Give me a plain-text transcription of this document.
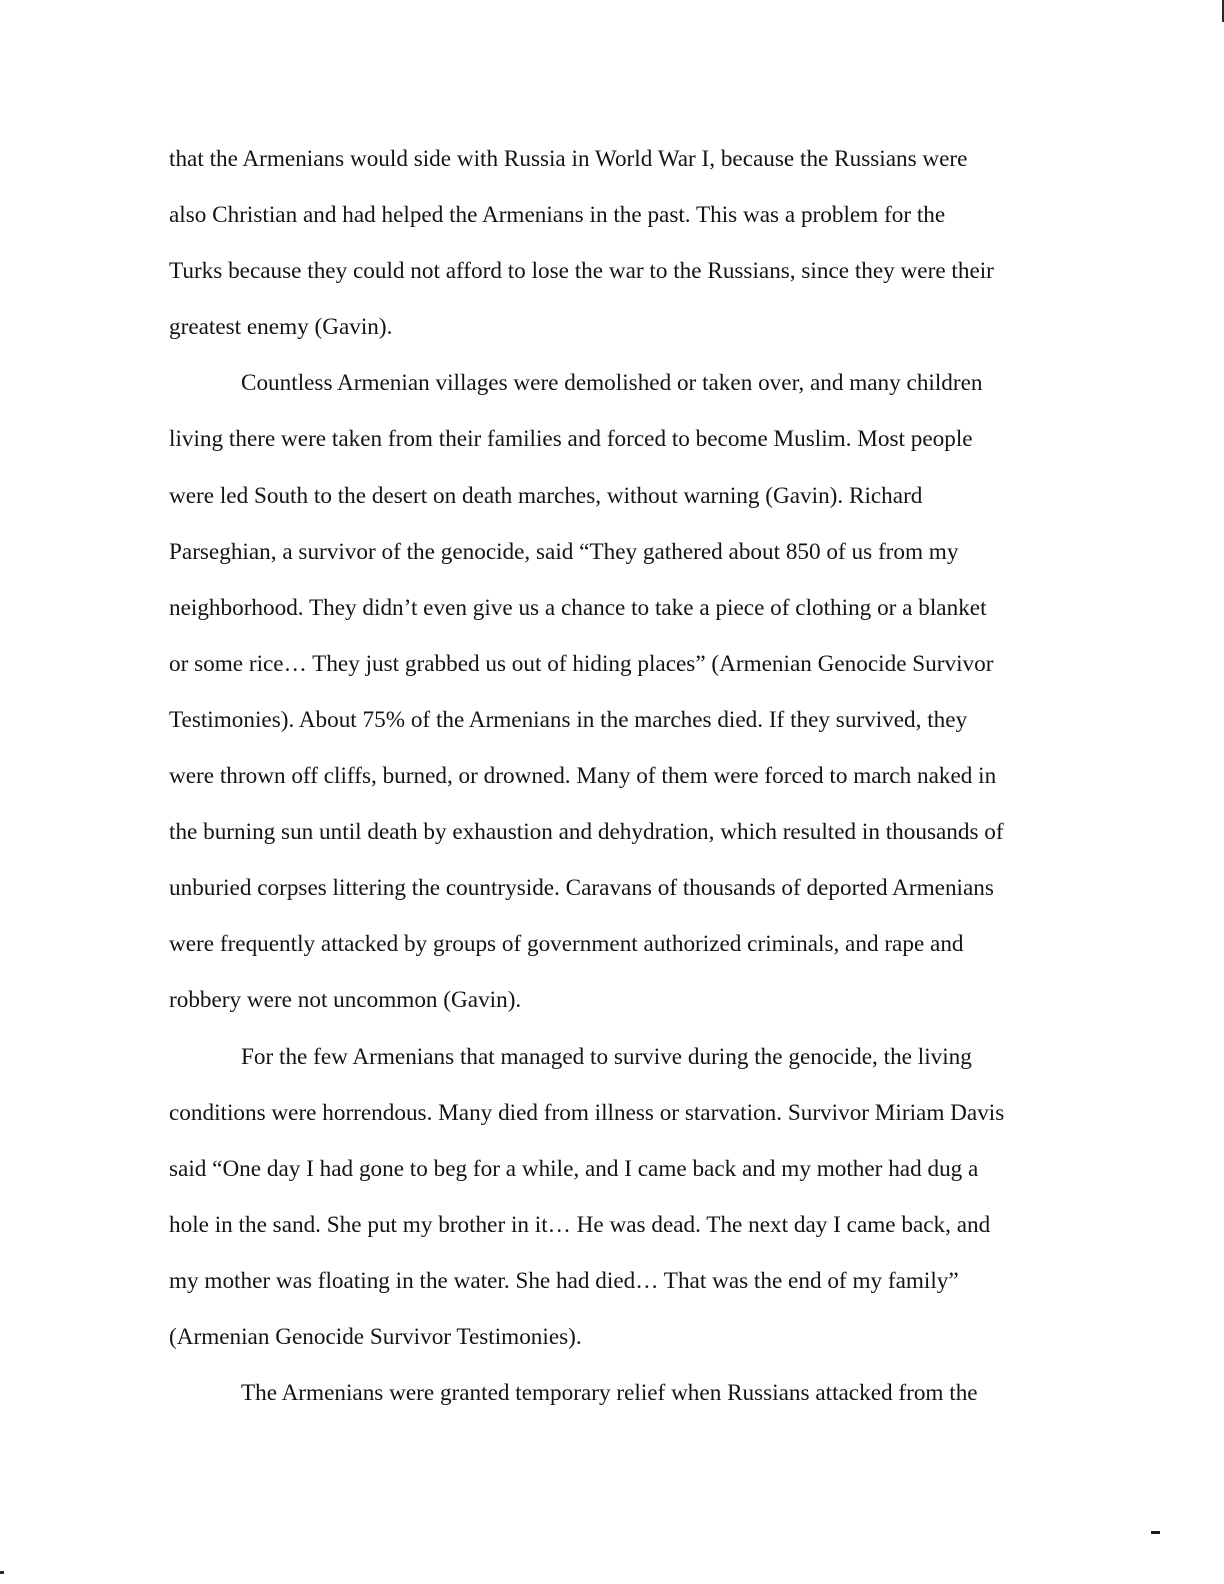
that the Armenians would side with Russia in World War I, because the Russians were
also Christian and had helped the Armenians in the past. This was a problem for the
Turks because they could not afford to lose the war to the Russians, since they were their
greatest enemy (Gavin).
Countless Armenian villages were demolished or taken over, and many children
living there were taken from their families and forced to become Muslim. Most people
were led South to the desert on death marches, without warning (Gavin). Richard
Parseghian, a survivor of the genocide, said “They gathered about 850 of us from my
neighborhood. They didn’t even give us a chance to take a piece of clothing or a blanket
or some rice… They just grabbed us out of hiding places” (Armenian Genocide Survivor
Testimonies). About 75% of the Armenians in the marches died. If they survived, they
were thrown off cliffs, burned, or drowned. Many of them were forced to march naked in
the burning sun until death by exhaustion and dehydration, which resulted in thousands of
unburied corpses littering the countryside. Caravans of thousands of deported Armenians
were frequently attacked by groups of government authorized criminals, and rape and
robbery were not uncommon (Gavin).
For the few Armenians that managed to survive during the genocide, the living
conditions were horrendous. Many died from illness or starvation. Survivor Miriam Davis
said “One day I had gone to beg for a while, and I came back and my mother had dug a
hole in the sand. She put my brother in it… He was dead. The next day I came back, and
my mother was floating in the water. She had died… That was the end of my family”
(Armenian Genocide Survivor Testimonies).
The Armenians were granted temporary relief when Russians attacked from the
